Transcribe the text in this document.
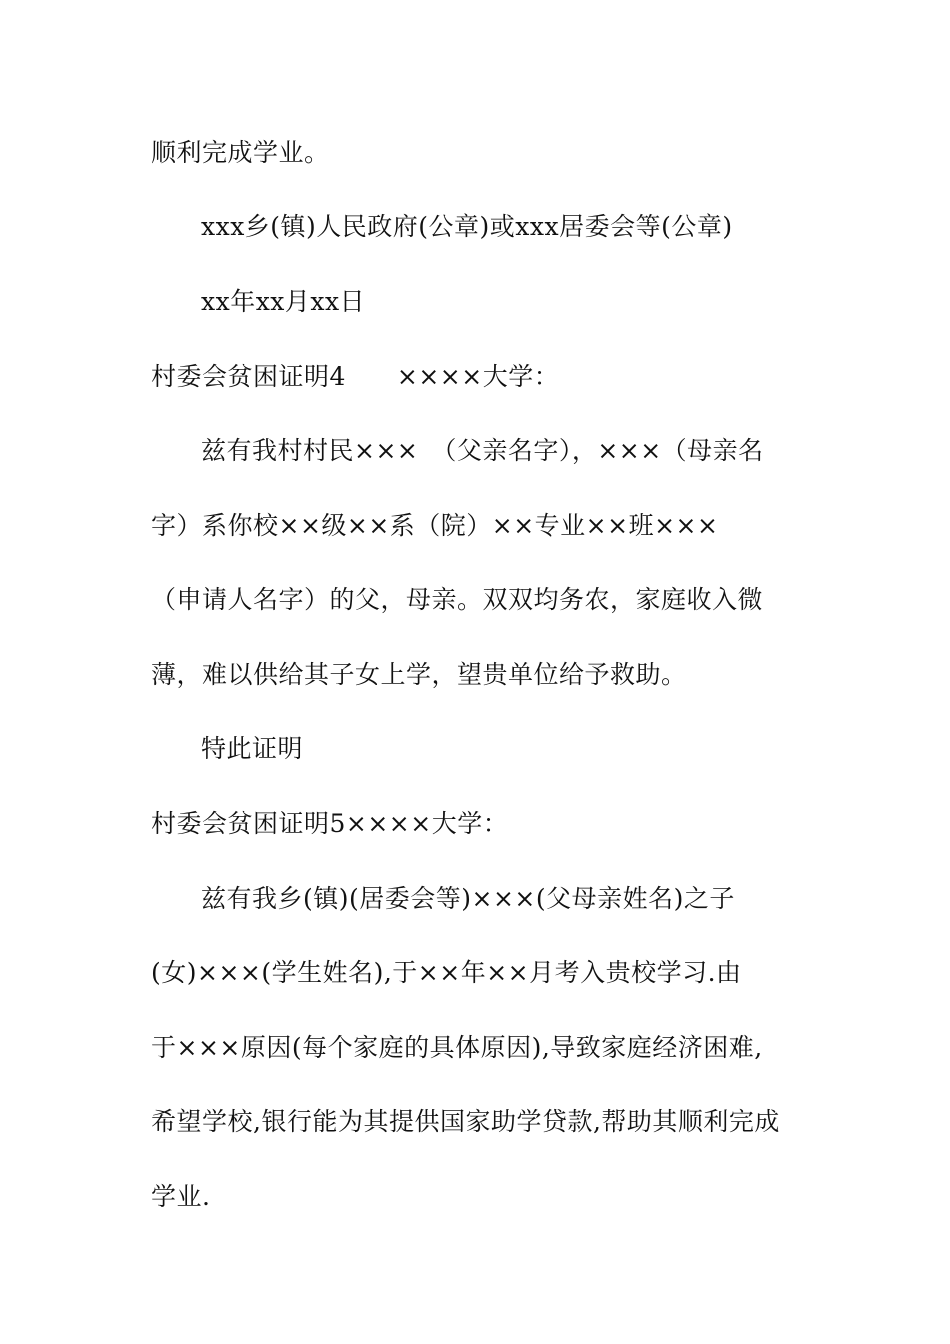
顺利完成学业。
xxx乡(镇)人民政府(公章)或xxx居委会等(公章)
xx年xx月xx日
村委会贫困证明4　　××××大学：
兹有我村村民×××　（父亲名字），×××（母亲名
字）系你校××级××系（院）××专业××班×××
（申请人名字）的父，母亲。双双均务农，家庭收入微
薄，难以供给其子女上学，望贵单位给予救助。
特此证明
村委会贫困证明5××××大学：
兹有我乡(镇)(居委会等)×××(父母亲姓名)之子
(女)×××(学生姓名),于××年××月考入贵校学习.由
于×××原因(每个家庭的具体原因),导致家庭经济困难,
希望学校,银行能为其提供国家助学贷款,帮助其顺利完成
学业.
